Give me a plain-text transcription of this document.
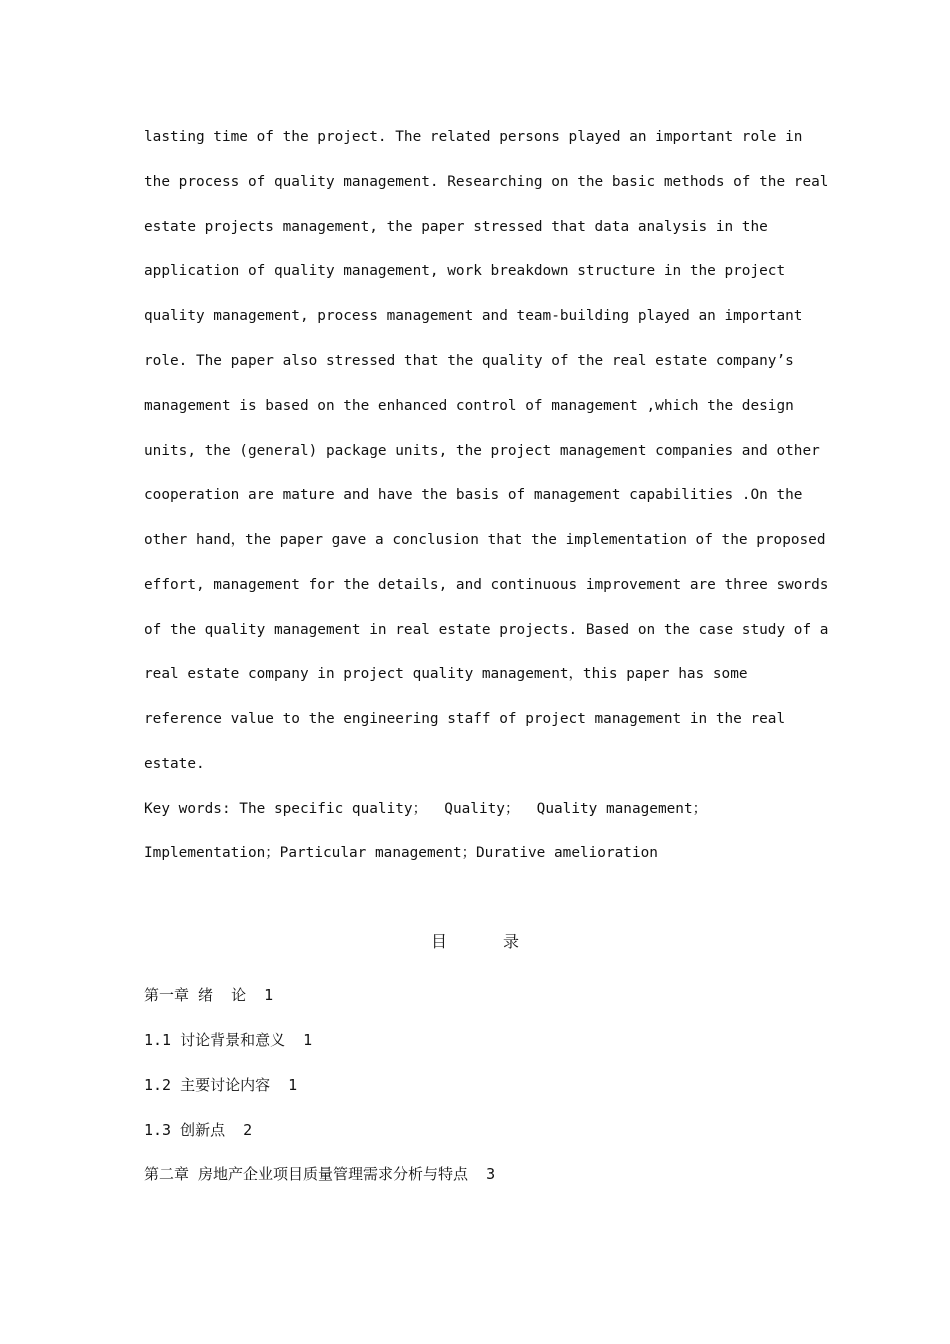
lasting time of the project. The related persons played an important role in
the process of quality management. Researching on the basic methods of the real
estate projects management, the paper stressed that data analysis in the
application of quality management, work breakdown structure in the project
quality management, process management and team-building played an important
role. The paper also stressed that the quality of the real estate company’s
management is based on the enhanced control of management ,which the design
units, the (general) package units, the project management companies and other
cooperation are mature and have the basis of management capabilities .On the
other hand，the paper gave a conclusion that the implementation of the proposed
effort, management for the details, and continuous improvement are three swords
of the quality management in real estate projects. Based on the case study of a
real estate company in project quality management，this paper has some
reference value to the engineering staff of project management in the real
estate.
Key words: The specific quality；  Quality；  Quality management；
Implementation；Particular management；Durative amelioration
目	录
第一章 绪  论  1
1.1 讨论背景和意义  1
1.2 主要讨论内容  1
1.3 创新点  2
第二章 房地产企业项目质量管理需求分析与特点  3
